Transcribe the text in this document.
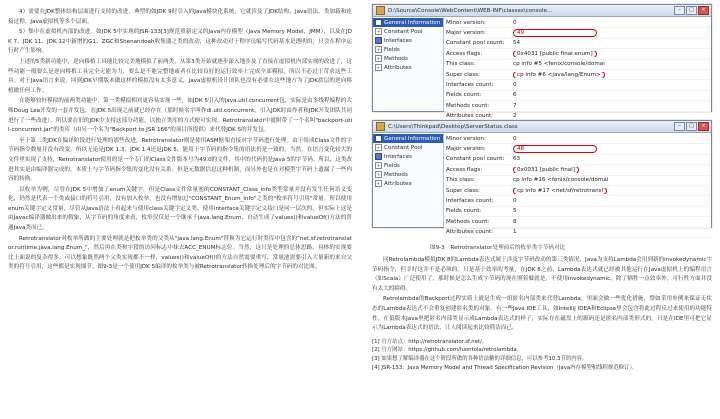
4）需要在JDK整体结构层面进行支持的改进，典型的如JDK 9时引入的Java模块化系统，它就涉及了JDK结构、Java语法、类加载和连接过程、Java虚拟机等多个层面。

5）集中在虚拟机内部的改进。如JDK 5中实现的JSR-133[3]规范重新定义的Java内存模型（Java Memory Model，JMM），以及在JDK 7、JDK 11、JDK 12中新增的G1、ZGC和Shenandoah收集器之类的改动，这种改动对于程序员编写代码基本是透明的，只会在程序运行时产生影响。

上述的5类新功能中，逆向移植工具能比较完美地模拟了前两类，从第3类开始就逐步深入地涉及了直接在虚拟机内部实现的改进了，这些功能一般要么是逆向移植工具完全无能为力，要么是不能完整地或者在比较良好的运行效率上完成全部模拟，所以不必过于苛求这些工具。对于Java语言来说，回到JDK早期版本做这样的模拟没有太多意义，Java虚拟机设计团队也没有必要在这些地方为了JDK底层的逆向移植做任何工作。

在能够较好模拟的前两类功能中，第一类模拟相对更容易实现一些，如JDK 5引入的java.util.concurrent包，实际是由多线程编程的大师Doug Lea开发的一套并发包，在JDK 5出现之前就已经存在（那时候名字叫作dl.util.concurrent，引入JDK时由作者和JDK开发团队共同进行了一些改进），所以要在旧的JDK中支持这部分功能，以独立类库的方式便可实现。Retrotranslator中就附带了一个名叫"backport-util-concurrent.jar"的类库（由另一个名为"Backport to JSR 166"的项目所提供）来代替JDK 5的并发包。

至于第二类JDK在编译阶段进行处理的那些改进，Retrotranslator则是使用ASM框架直接对字节码进行处理。由于组成Class文件的字节码指令数量并没有改变，所以无论是JDK 1.3、JDK 1.4还是JDK 5，能用于字节码的指令集的语法仍是一致的。当然，在语言变化较大的文件里实现了支持，Retrotranslator使用的是一个专门的Class文件版本号为49.0的文件，其中的代码仍是Java 5的字节码。所以，这类改进其实是由编译器完成的，本质上与字节码指令集的变化没有关系。但是元数据信息这种机制，而另外也是在对模型字节码上遗漏了一些内容的转换。

以枚举为例，尽管在JDK 5中增加了enum关键字，但是Class文件常量池的CONSTANT_Class_info类型常量并没有发生任何语义变化，仍然是代表一个类或接口的符号引用，没有加入枚举，也没有增加过"CONSTANT_Enum_info"之类的"枚举符号引用"常量。所以使用enum关键字定义常量，尽管从Java语法上看起来与使用class关键字定义类、使用interface关键字定义接口是同一层次的，但实际上这是由Javac编译器做出来的假象，从字节码的角度来看，枚举仅仅是一个继承于java.lang.Enum、自动生成了values()和valueOf()方法的普通Java类而已。

Retrotranslator对枚举所做的主要处理就是把枚举类的父类从"java.lang.Enum"替换为它运行时类库中包含的"net.sf.retrotranslator.runtime.java.lang.Enum_"，然后再在类和字段的访问标志中抹去ACC_ENUM标志位。当然，这只是处理的总体思路，具体的实现要比上面说的复杂得多。可以想象既然两个父类实现都不一样，values()和valueOf()的方法自然需要重写，常量池需要引入大量新的来自父类的符号引用，这些都是实现细节。图9-3是一个使用JDK 5编译的枚举类与被Retrotranslator转换处理后的字节码的对比图。

D:\Source\Console\WebContent\WEB-INF\classes\console...	–	□	×
General Information
+ Constant Pool
Interfaces
+ Fields
+ Methods
+ Attributes
Minor version:	0
Major version:	49
Constant pool count:	54
Access flags:	0x4031 [public final enum]
This class:	cp info #5 <fenix/console/domai
Super class:	cp info #6 <java/lang/Enum>
Interfaces count:	0
Fields count:	6
Methods count:	7
Attributes count:	2
C:\Users\Thinkpad\Desktop\ServerStatus.class	–	□	×
General Information
+ Constant Pool
Interfaces
+ Fields
+ Methods
+ Attributes
Minor version:	0
Major version:	48
Constant pool count:	63
Access flags:	0x0031 [public final]
This class:	cp info #16 <fenix/console/domai
Super class:	cp info #17 <net/sf/retrotransl
Interfaces count:	0
Fields count:	5
Methods count:	8
Attributes count:	1
图9-3　Retrotranslator处理前后的枚举类字节码对比

同Retrolambda模拟JDK 8的Lambda表达式属于涉及字节码改动的第三类情况，Java为支持Lambda会用到新的invokedynamic字节码指令，但幸好这并不是必须的。只是基于效率的考量，在JDK 8之前，Lambda表达式就已经被其他运行在Java虚拟机上的编程语言（如Scala）广泛使用了，那时候是怎么生成字节码的现在照着做就是，不使用invokedynamic，除了牺牲一点效率外，可行性方面并没有太大的障碍。

Retrolambda的Backport过程实质上就是生成一组匿名内部类来代替Lambda，里面会做一些优化措施，譬如采用单例来保证无状态的Lambda表达式不会重复创建匿名类的对象。有一些Java IDE工具，如IntelliJ IDEA和Eclipse里会包含将此过程反过来使用的功能特性，在低版本Java里把匿名内部类显示成Lambda表达式的样子，实际存在磁盘上的源码还是匿名内部类形式的，只是在IDE里可把它显示为Lambda表达式的语法，让人阅读起来比较简洁而已。

[1] 官方站点：http://retrotranslator.sf.net/。

[2] 官方网站：https://github.com/luontola/retrolambda。

[3] 如果想了解编译器在这个阶段所做的各种语法糖的详细信息，可以参考10.3节的内容。

[4] JSR-133：Java Memory Model and Thread Specification Revision（Java内存模型和线程规范修订）。
